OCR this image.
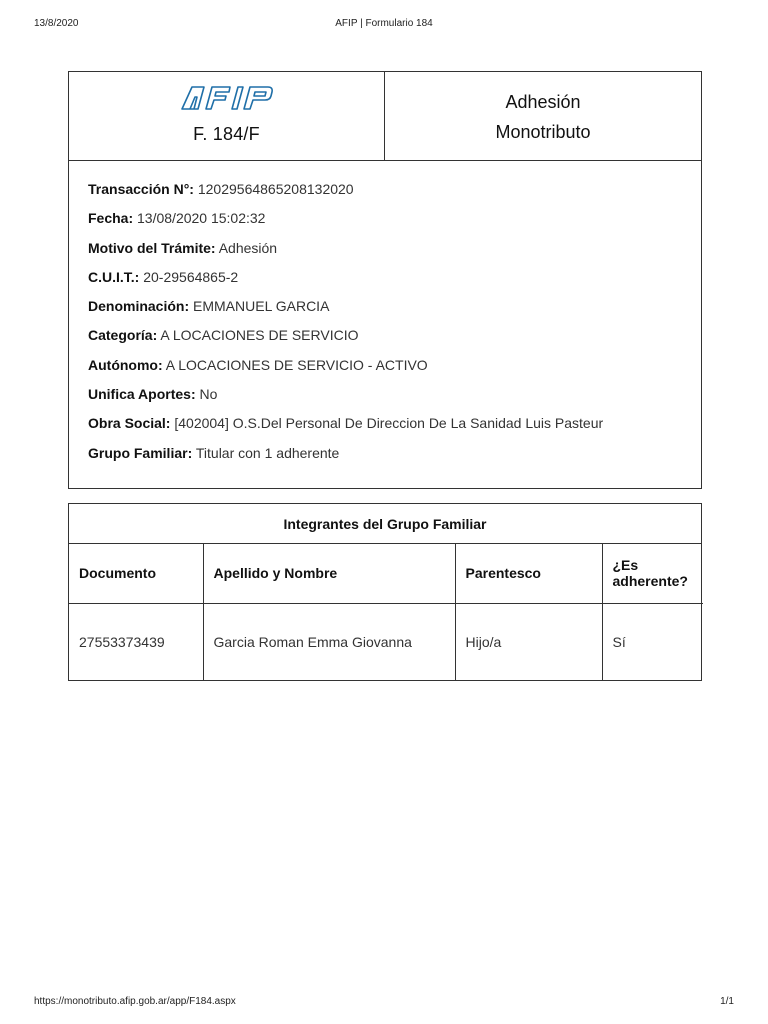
13/8/2020	AFIP | Formulario 184
F. 184/F
Adhesión
Monotributo
Transacción N°: 12029564865208132020
Fecha: 13/08/2020 15:02:32
Motivo del Trámite: Adhesión
C.U.I.T.: 20-29564865-2
Denominación: EMMANUEL GARCIA
Categoría: A LOCACIONES DE SERVICIO
Autónomo: A LOCACIONES DE SERVICIO - ACTIVO
Unifica Aportes: No
Obra Social: [402004] O.S.Del Personal De Direccion De La Sanidad Luis Pasteur
Grupo Familiar: Titular con 1 adherente
Integrantes del Grupo Familiar
Documento	Apellido y Nombre	Parentesco	¿Es adherente?
27553373439	Garcia Roman Emma Giovanna	Hijo/a	Sí
https://monotributo.afip.gob.ar/app/F184.aspx	1/1
